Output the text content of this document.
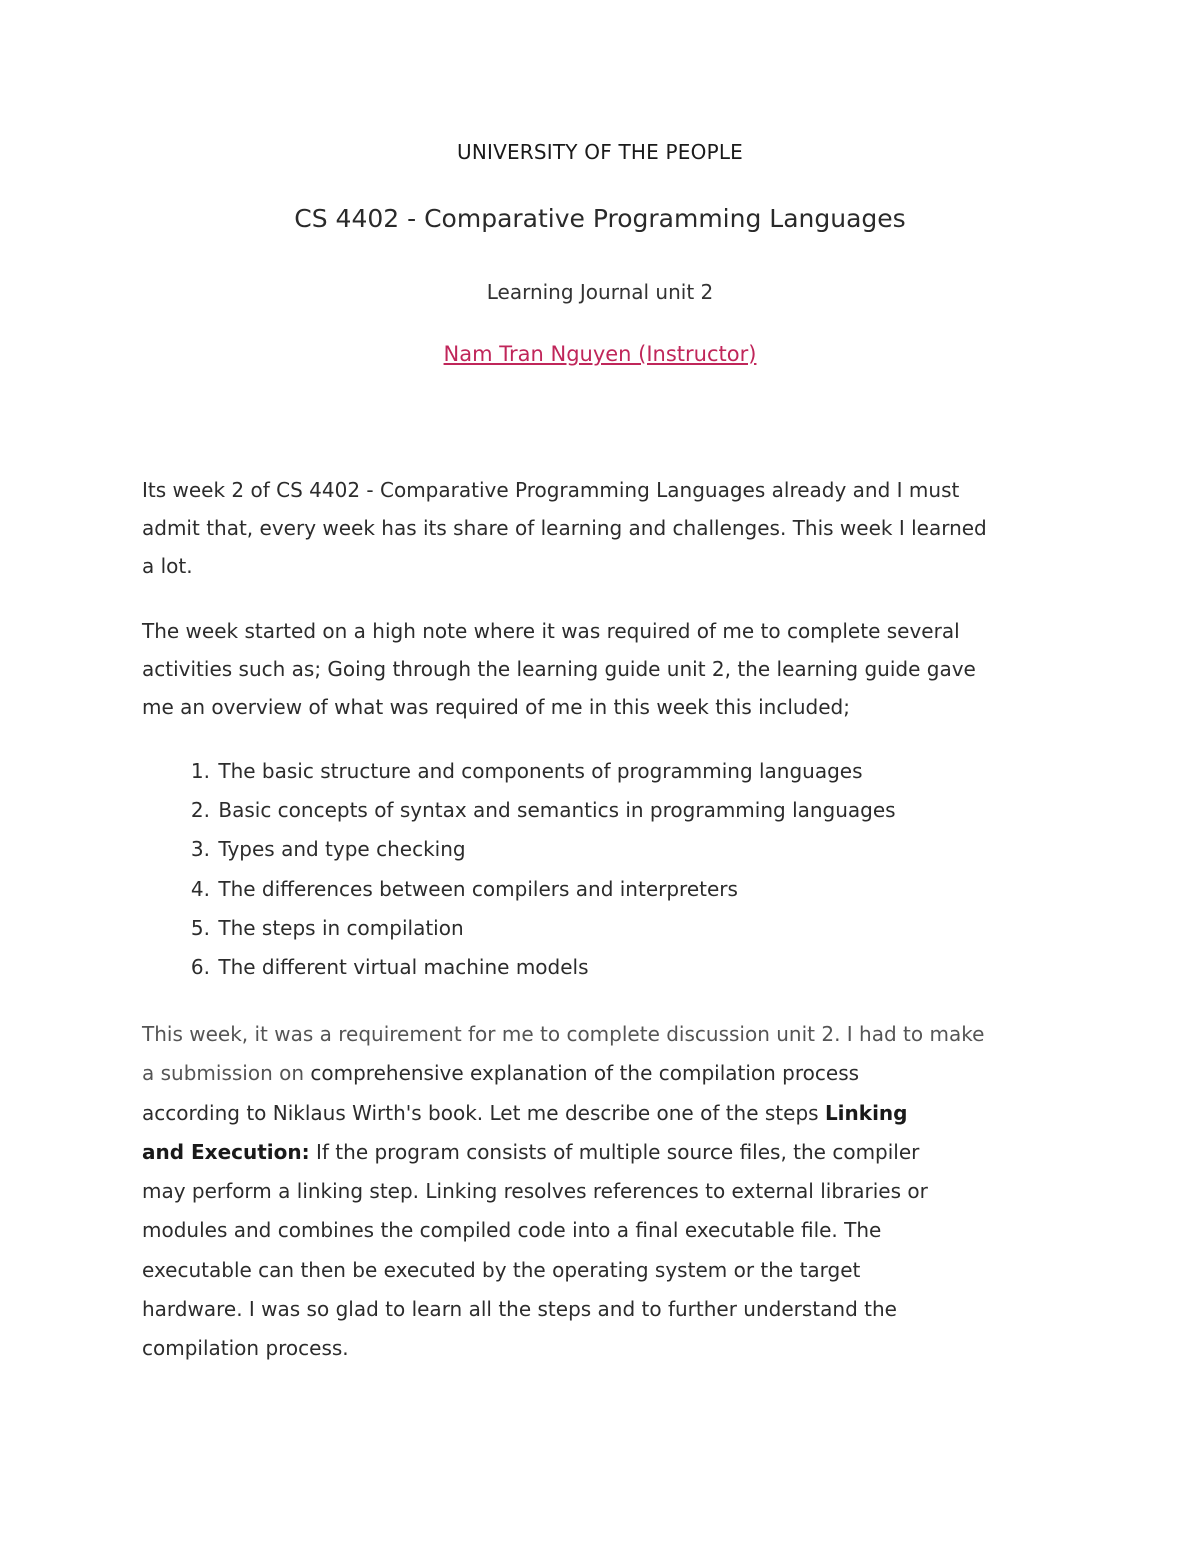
UNIVERSITY OF THE PEOPLE
CS 4402 - Comparative Programming Languages
Learning Journal unit 2
Nam Tran Nguyen (Instructor)
Its week 2 of CS 4402 - Comparative Programming Languages already and I must
admit that, every week has its share of learning and challenges. This week I learned
a lot.
The week started on a high note where it was required of me to complete several
activities such as; Going through the learning guide unit 2, the learning guide gave
me an overview of what was required of me in this week this included;
1. The basic structure and components of programming languages
2. Basic concepts of syntax and semantics in programming languages
3. Types and type checking
4. The differences between compilers and interpreters
5. The steps in compilation
6. The different virtual machine models
This week, it was a requirement for me to complete discussion unit 2. I had to make
a submission on comprehensive explanation of the compilation process
according to Niklaus Wirth's book. Let me describe one of the steps Linking
and Execution: If the program consists of multiple source files, the compiler
may perform a linking step. Linking resolves references to external libraries or
modules and combines the compiled code into a final executable file. The
executable can then be executed by the operating system or the target
hardware. I was so glad to learn all the steps and to further understand the
compilation process.
